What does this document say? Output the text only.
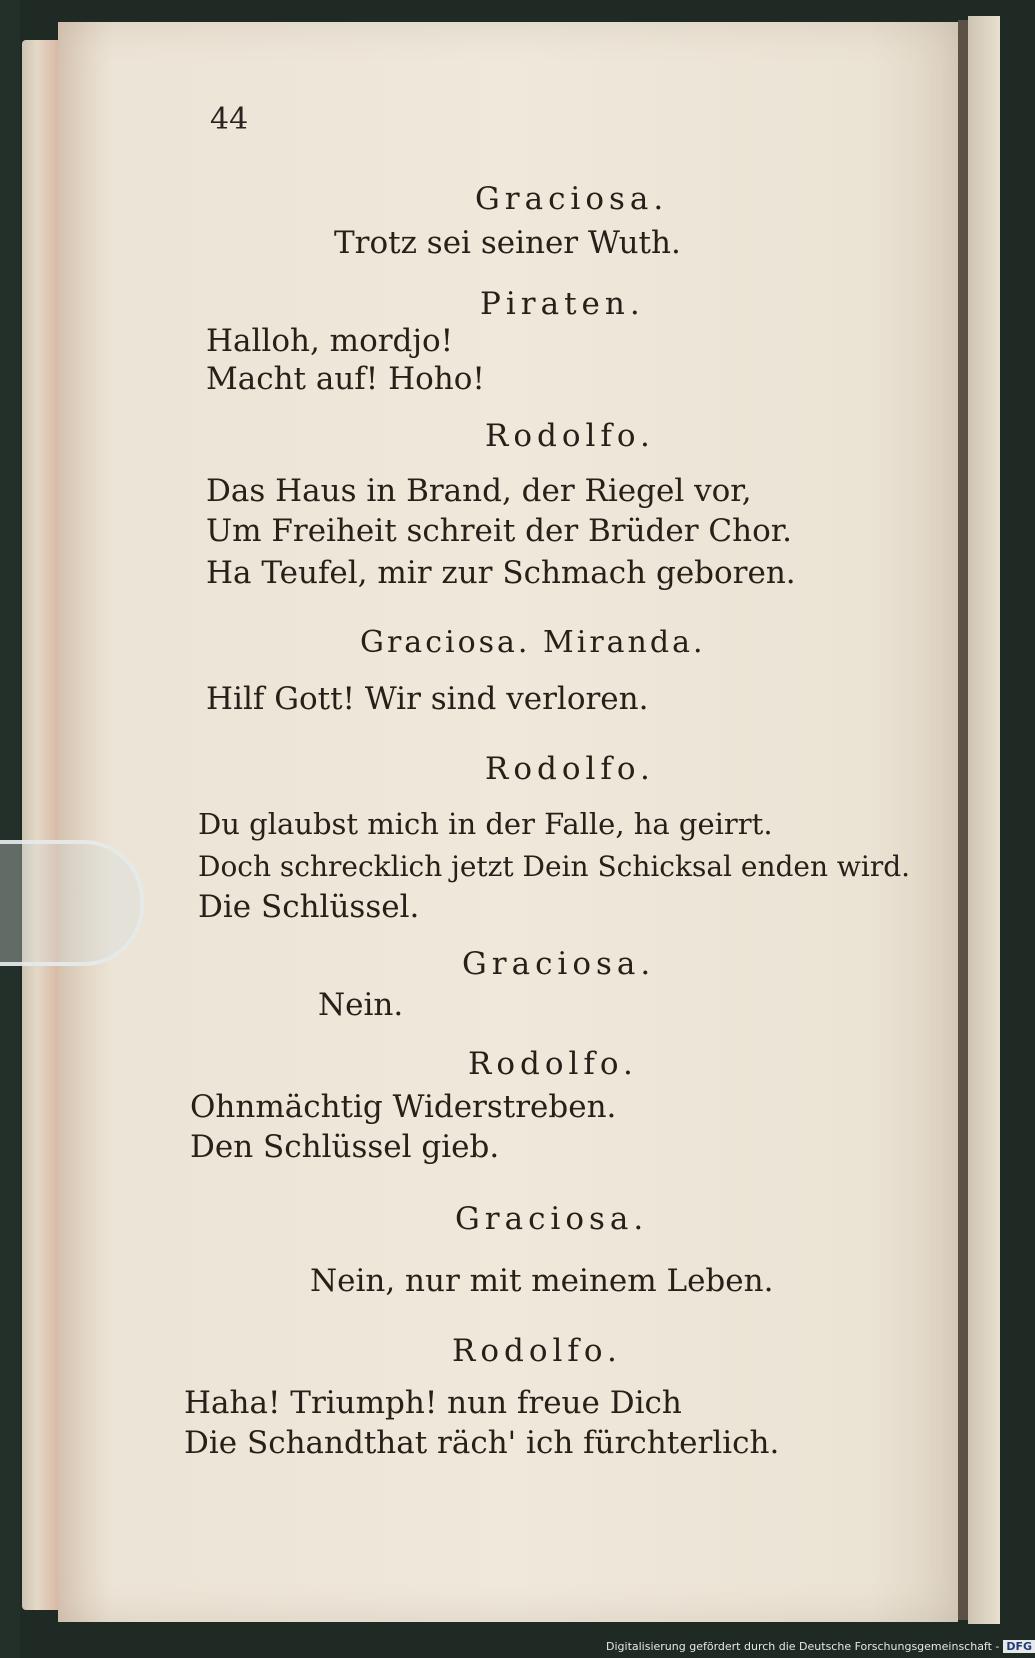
44
Graciosa.
Trotz sei seiner Wuth.
Piraten.
Halloh, mordjo!
Macht auf! Hoho!
Rodolfo.
Das Haus in Brand, der Riegel vor,
Um Freiheit schreit der Brüder Chor.
Ha Teufel, mir zur Schmach geboren.
Graciosa. Miranda.
Hilf Gott! Wir sind verloren.
Rodolfo.
Du glaubst mich in der Falle, ha geirrt.
Doch schrecklich jetzt Dein Schicksal enden wird.
Die Schlüssel.
Graciosa.
Nein.
Rodolfo.
Ohnmächtig Widerstreben.
Den Schlüssel gieb.
Graciosa.
Nein, nur mit meinem Leben.
Rodolfo.
Haha! Triumph! nun freue Dich
Die Schandthat räch' ich fürchterlich.
Digitalisierung gefördert durch die Deutsche Forschungsgemeinschaft - DFG
